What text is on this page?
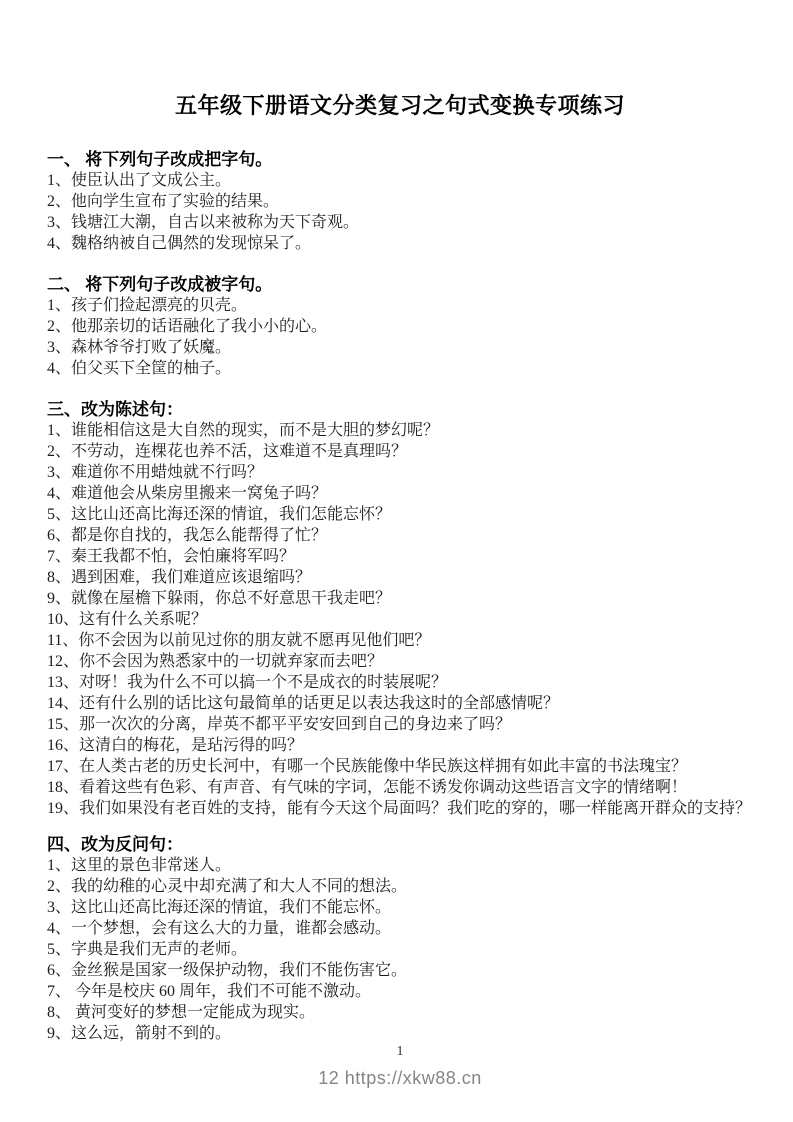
五年级下册语文分类复习之句式变换专项练习

一、 将下列句子改成把字句。

1、使臣认出了文成公主。

2、他向学生宣布了实验的结果。

3、钱塘江大潮，自古以来被称为天下奇观。

4、魏格纳被自己偶然的发现惊呆了。

二、 将下列句子改成被字句。

1、孩子们捡起漂亮的贝壳。

2、他那亲切的话语融化了我小小的心。

3、森林爷爷打败了妖魔。

4、伯父买下全筐的柚子。

三、改为陈述句：

1、谁能相信这是大自然的现实，而不是大胆的梦幻呢？

2、不劳动，连棵花也养不活，这难道不是真理吗？

3、难道你不用蜡烛就不行吗？

4、难道他会从柴房里搬来一窝兔子吗？

5、这比山还高比海还深的情谊，我们怎能忘怀？

6、都是你自找的，我怎么能帮得了忙？

7、秦王我都不怕，会怕廉将军吗？

8、遇到困难，我们难道应该退缩吗？

9、就像在屋檐下躲雨，你总不好意思干我走吧？

10、这有什么关系呢？

11、你不会因为以前见过你的朋友就不愿再见他们吧？

12、你不会因为熟悉家中的一切就弃家而去吧？

13、对呀！我为什么不可以搞一个不是成衣的时装展呢？

14、还有什么别的话比这句最简单的话更足以表达我这时的全部感情呢？

15、那一次次的分离，岸英不都平平安安回到自己的身边来了吗？

16、这清白的梅花，是玷污得的吗？

17、在人类古老的历史长河中，有哪一个民族能像中华民族这样拥有如此丰富的书法瑰宝？

18、看着这些有色彩、有声音、有气味的字词，怎能不诱发你调动这些语言文字的情绪啊！

19、我们如果没有老百姓的支持，能有今天这个局面吗？我们吃的穿的，哪一样能离开群众的支持？

四、改为反问句：

1、这里的景色非常迷人。

2、我的幼稚的心灵中却充满了和大人不同的想法。

3、这比山还高比海还深的情谊，我们不能忘怀。

4、一个梦想，会有这么大的力量，谁都会感动。

5、字典是我们无声的老师。

6、金丝猴是国家一级保护动物，我们不能伤害它。

7、 今年是校庆 60 周年，我们不可能不激动。

8、 黄河变好的梦想一定能成为现实。

9、这么远，箭射不到的。

1
12 https://xkw88.cn
